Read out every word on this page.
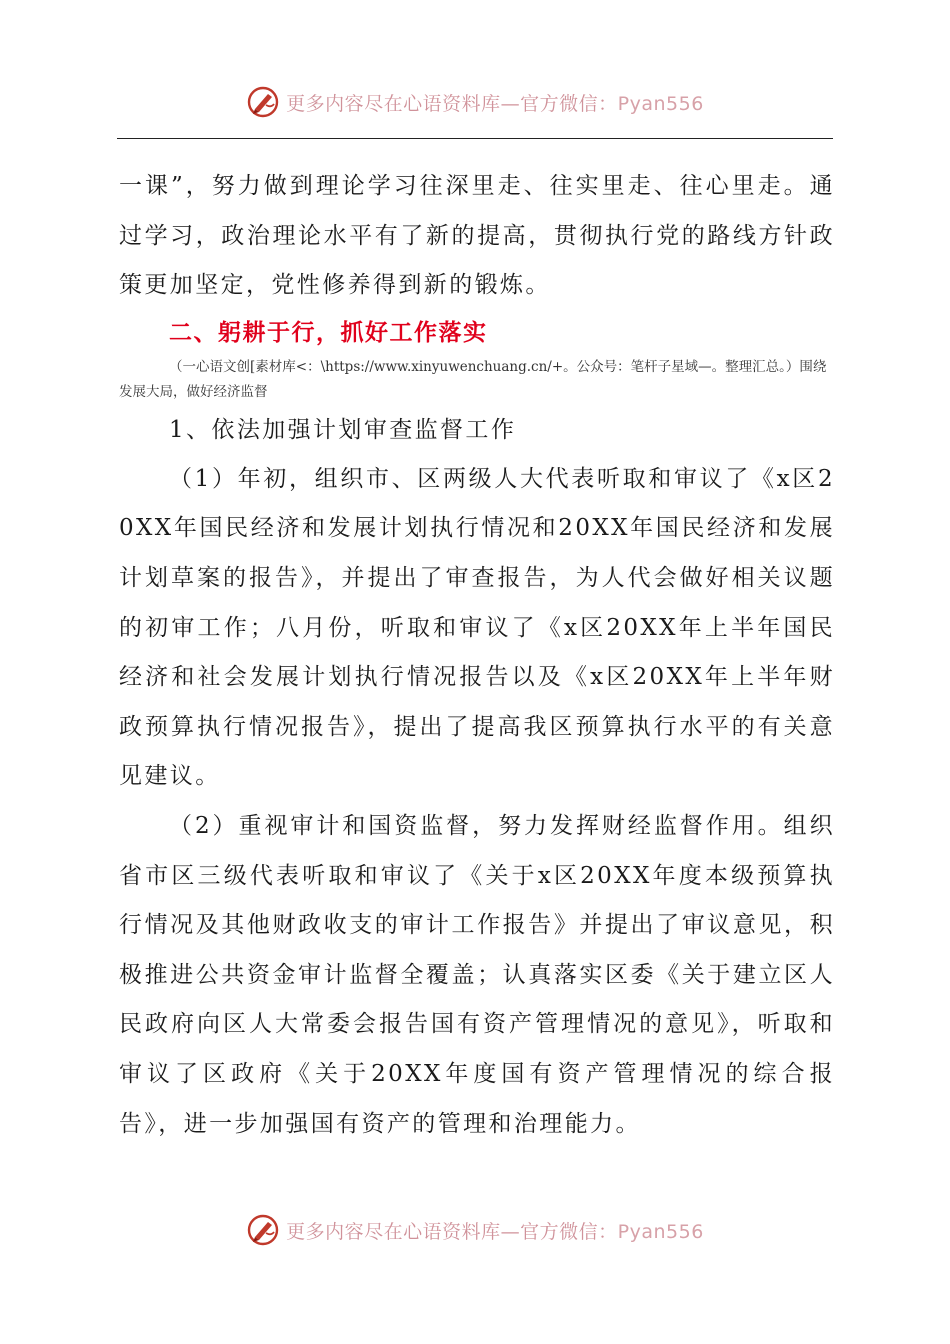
更多内容尽在心语资料库—官方微信：Pyan556

一课”，努力做到理论学习往深里走、往实里走、往心里走。通过学习，政治理论水平有了新的提高，贯彻执行党的路线方针政策更加坚定，党性修养得到新的锻炼。

二、躬耕于行，抓好工作落实

（一心语文创[素材库<：\https://www.xinyuwenchuang.cn/+。公众号：笔杆子星域—。整理汇总。）围绕发展大局，做好经济监督

1、依法加强计划审查监督工作

（1）年初，组织市、区两级人大代表听取和审议了《x区20XX年国民经济和发展计划执行情况和20XX年国民经济和发展计划草案的报告》，并提出了审查报告，为人代会做好相关议题的初审工作；八月份，听取和审议了《x区20XX年上半年国民经济和社会发展计划执行情况报告以及《x区20XX年上半年财政预算执行情况报告》，提出了提高我区预算执行水平的有关意见建议。

（2）重视审计和国资监督，努力发挥财经监督作用。组织省市区三级代表听取和审议了《关于x区20XX年度本级预算执行情况及其他财政收支的审计工作报告》并提出了审议意见，积极推进公共资金审计监督全覆盖；认真落实区委《关于建立区人民政府向区人大常委会报告国有资产管理情况的意见》，听取和审议了区政府《关于20XX年度国有资产管理情况的综合报告》，进一步加强国有资产的管理和治理能力。

更多内容尽在心语资料库—官方微信：Pyan556
